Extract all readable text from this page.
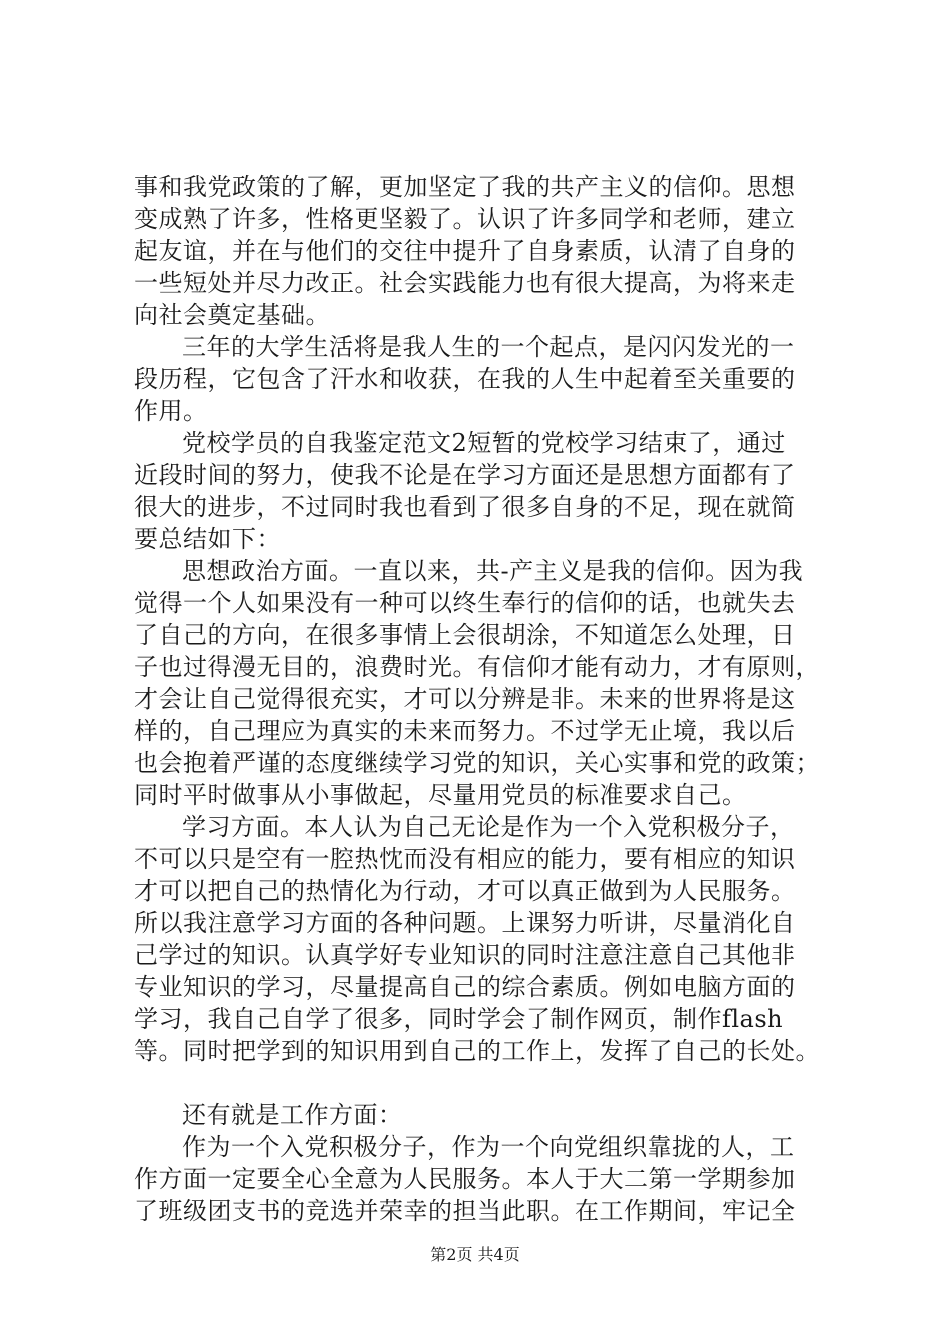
事和我党政策的了解，更加坚定了我的共产主义的信仰。思想
变成熟了许多，性格更坚毅了。认识了许多同学和老师，建立
起友谊，并在与他们的交往中提升了自身素质，认清了自身的
一些短处并尽力改正。社会实践能力也有很大提高，为将来走
向社会奠定基础。
三年的大学生活将是我人生的一个起点，是闪闪发光的一
段历程，它包含了汗水和收获，在我的人生中起着至关重要的
作用。
党校学员的自我鉴定范文2短暂的党校学习结束了，通过
近段时间的努力，使我不论是在学习方面还是思想方面都有了
很大的进步，不过同时我也看到了很多自身的不足，现在就简
要总结如下：
思想政治方面。一直以来，共-产主义是我的信仰。因为我
觉得一个人如果没有一种可以终生奉行的信仰的话，也就失去
了自己的方向，在很多事情上会很胡涂，不知道怎么处理，日
子也过得漫无目的，浪费时光。有信仰才能有动力，才有原则，
才会让自己觉得很充实，才可以分辨是非。未来的世界将是这
样的，自己理应为真实的未来而努力。不过学无止境，我以后
也会抱着严谨的态度继续学习党的知识，关心实事和党的政策；
同时平时做事从小事做起，尽量用党员的标准要求自己。
学习方面。本人认为自己无论是作为一个入党积极分子，
不可以只是空有一腔热忱而没有相应的能力，要有相应的知识
才可以把自己的热情化为行动，才可以真正做到为人民服务。
所以我注意学习方面的各种问题。上课努力听讲，尽量消化自
己学过的知识。认真学好专业知识的同时注意注意自己其他非
专业知识的学习，尽量提高自己的综合素质。例如电脑方面的
学习，我自己自学了很多，同时学会了制作网页，制作flash
等。同时把学到的知识用到自己的工作上，发挥了自己的长处。
还有就是工作方面：
作为一个入党积极分子，作为一个向党组织靠拢的人，工
作方面一定要全心全意为人民服务。本人于大二第一学期参加
了班级团支书的竞选并荣幸的担当此职。在工作期间，牢记全
第2页 共4页
